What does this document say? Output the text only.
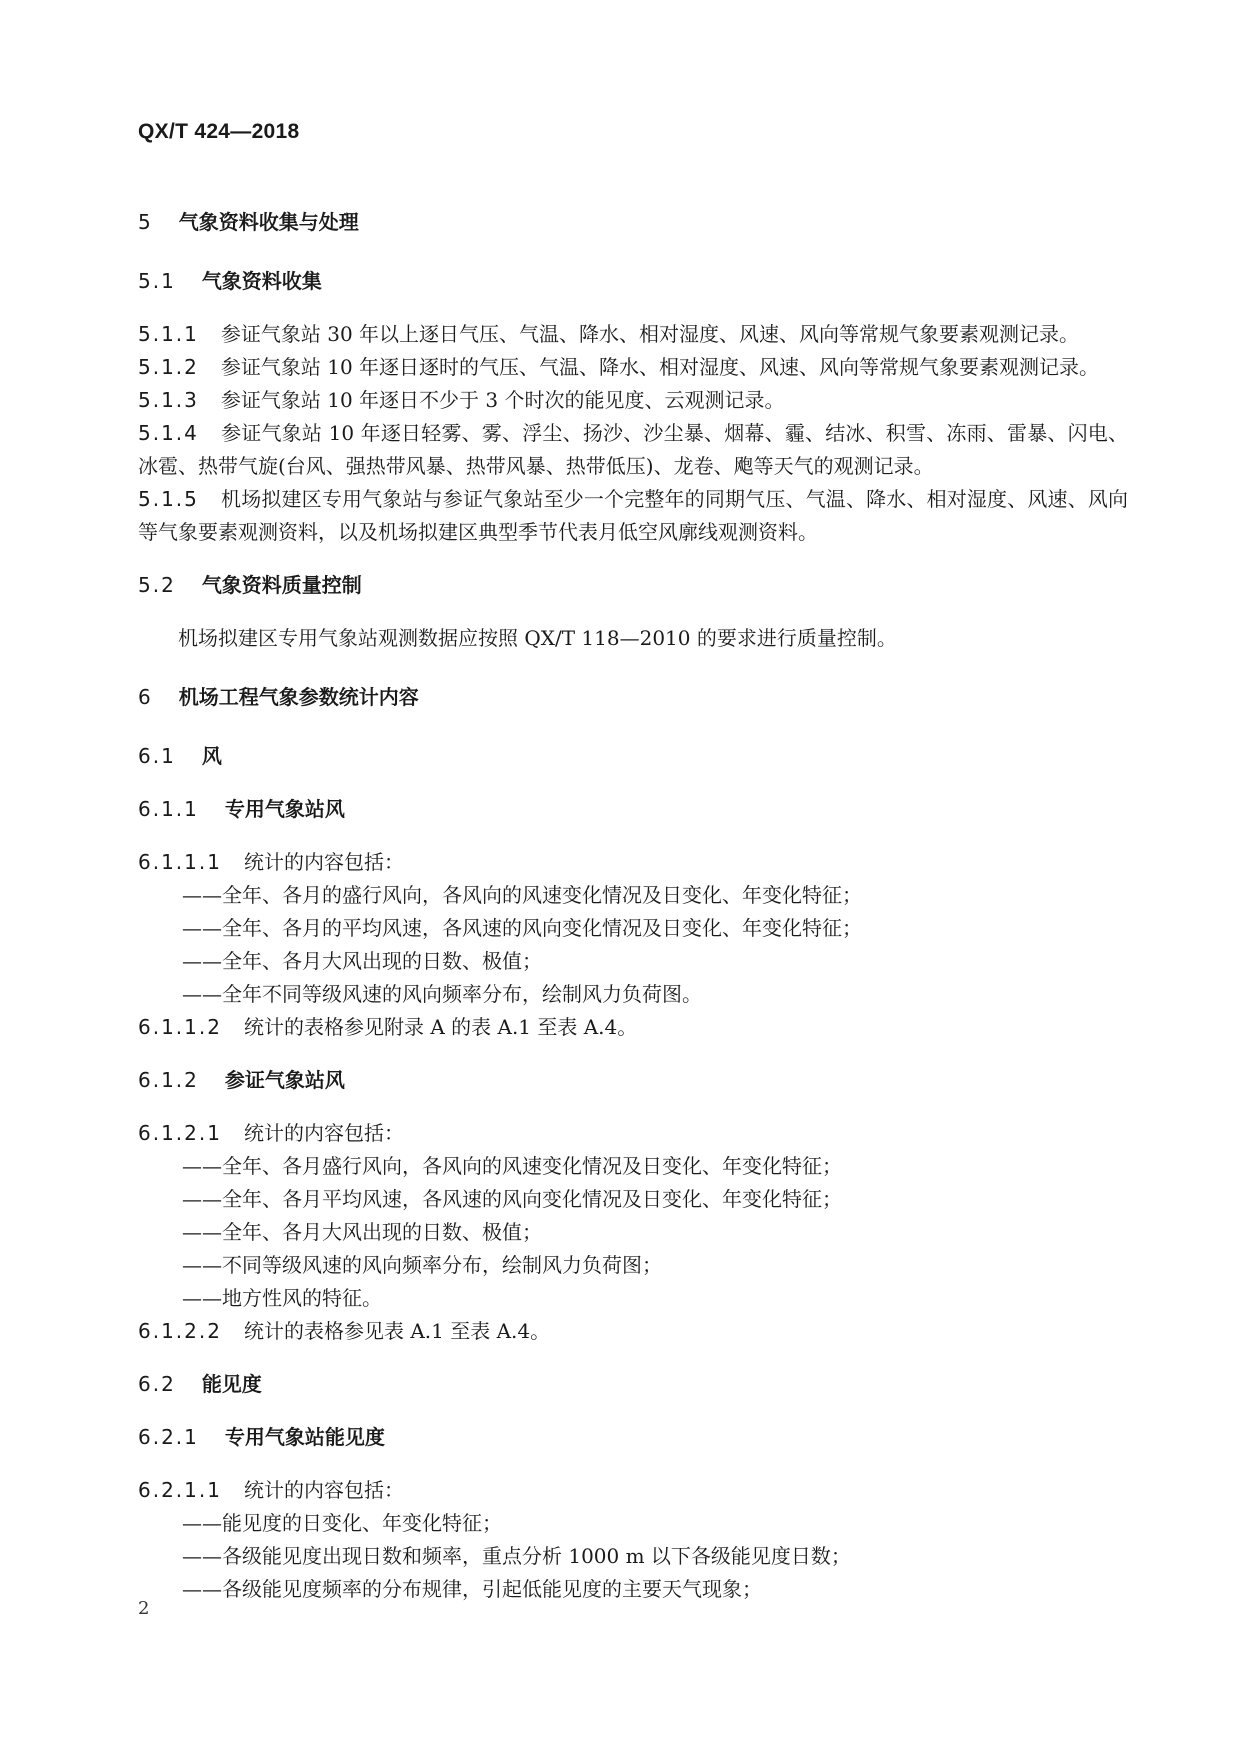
QX/T 424—2018
5 气象资料收集与处理
5.1 气象资料收集
5.1.1 参证气象站 30 年以上逐日气压、气温、降水、相对湿度、风速、风向等常规气象要素观测记录。
5.1.2 参证气象站 10 年逐日逐时的气压、气温、降水、相对湿度、风速、风向等常规气象要素观测记录。
5.1.3 参证气象站 10 年逐日不少于 3 个时次的能见度、云观测记录。
5.1.4 参证气象站 10 年逐日轻雾、雾、浮尘、扬沙、沙尘暴、烟幕、霾、结冰、积雪、冻雨、雷暴、闪电、冰雹、热带气旋(台风、强热带风暴、热带风暴、热带低压)、龙卷、飑等天气的观测记录。
5.1.5 机场拟建区专用气象站与参证气象站至少一个完整年的同期气压、气温、降水、相对湿度、风速、风向等气象要素观测资料，以及机场拟建区典型季节代表月低空风廓线观测资料。
5.2 气象资料质量控制
机场拟建区专用气象站观测数据应按照 QX/T 118—2010 的要求进行质量控制。
6 机场工程气象参数统计内容
6.1 风
6.1.1 专用气象站风
6.1.1.1 统计的内容包括：
——全年、各月的盛行风向，各风向的风速变化情况及日变化、年变化特征；
——全年、各月的平均风速，各风速的风向变化情况及日变化、年变化特征；
——全年、各月大风出现的日数、极值；
——全年不同等级风速的风向频率分布，绘制风力负荷图。
6.1.1.2 统计的表格参见附录 A 的表 A.1 至表 A.4。
6.1.2 参证气象站风
6.1.2.1 统计的内容包括：
——全年、各月盛行风向，各风向的风速变化情况及日变化、年变化特征；
——全年、各月平均风速，各风速的风向变化情况及日变化、年变化特征；
——全年、各月大风出现的日数、极值；
——不同等级风速的风向频率分布，绘制风力负荷图；
——地方性风的特征。
6.1.2.2 统计的表格参见表 A.1 至表 A.4。
6.2 能见度
6.2.1 专用气象站能见度
6.2.1.1 统计的内容包括：
——能见度的日变化、年变化特征；
——各级能见度出现日数和频率，重点分析 1000 m 以下各级能见度日数；
——各级能见度频率的分布规律，引起低能见度的主要天气现象；
2
